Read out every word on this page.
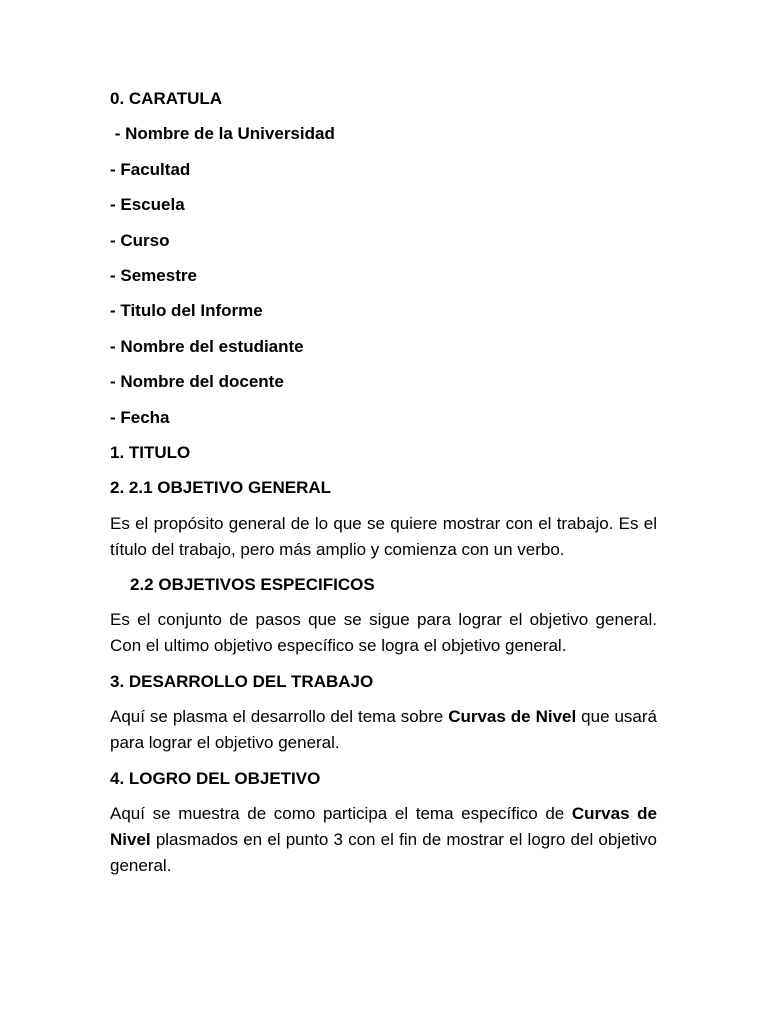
0. CARATULA
- Nombre de la Universidad
- Facultad
- Escuela
- Curso
- Semestre
- Titulo del Informe
- Nombre del estudiante
- Nombre del docente
- Fecha
1. TITULO
2. 2.1 OBJETIVO GENERAL

Es el propósito general de lo que se quiere mostrar con el trabajo. Es el título del trabajo, pero más amplio y comienza con un verbo.

2.2 OBJETIVOS ESPECIFICOS

Es el conjunto de pasos que se sigue para lograr el objetivo general. Con el ultimo objetivo específico se logra el objetivo general.

3. DESARROLLO DEL TRABAJO

Aquí se plasma el desarrollo del tema sobre Curvas de Nivel que usará para lograr el objetivo general.

4. LOGRO DEL OBJETIVO

Aquí se muestra de como participa el tema específico de Curvas de Nivel plasmados en el punto 3 con el fin de mostrar el logro del objetivo general.
